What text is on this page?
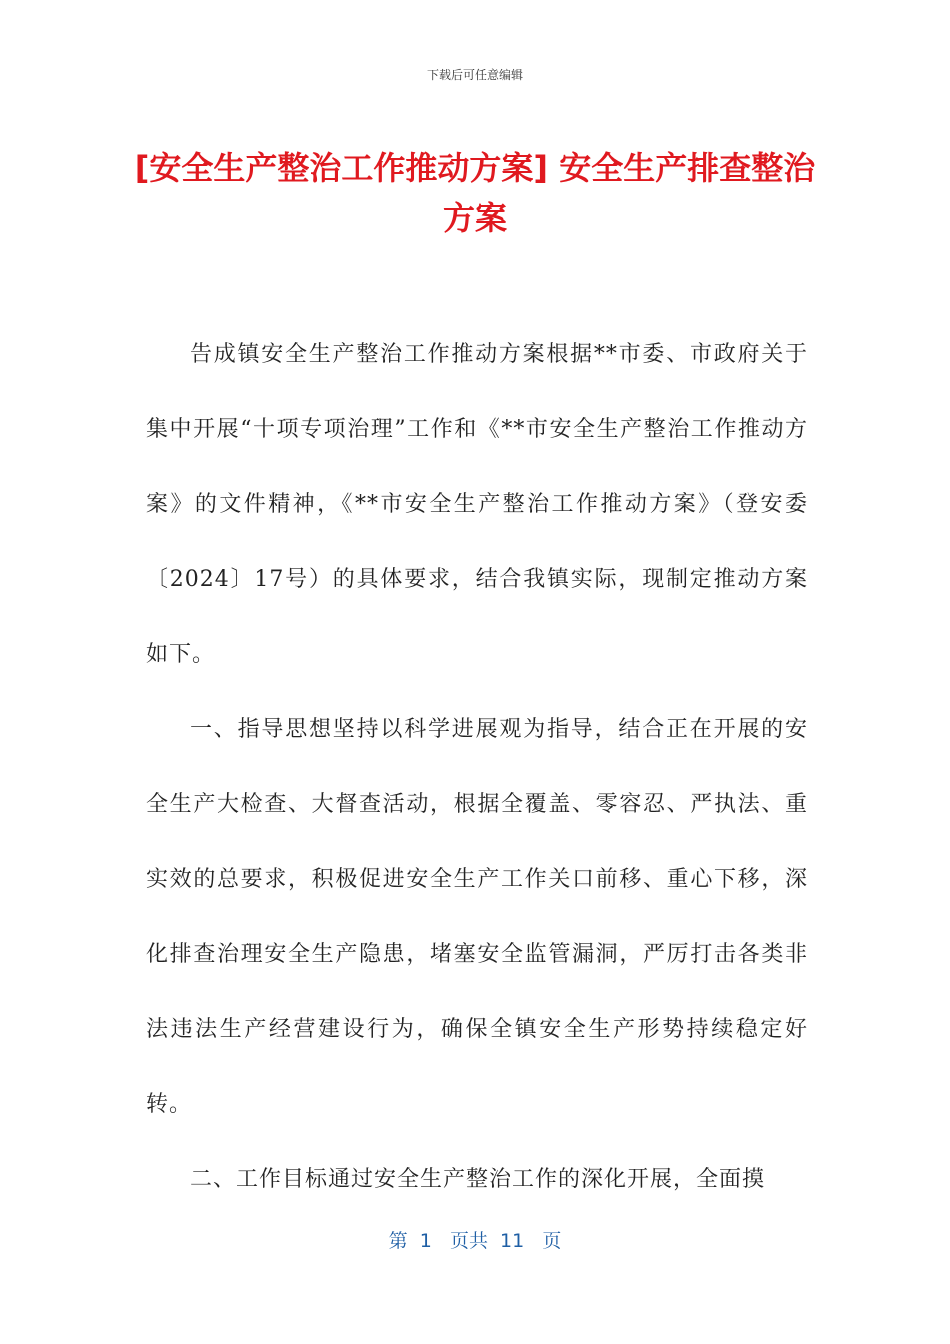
下载后可任意编辑
[安全生产整治工作推动方案] 安全生产排查整治方案

告成镇安全生产整治工作推动方案根据**市委、市政府关于集中开展“十项专项治理”工作和《**市安全生产整治工作推动方案》的文件精神，《**市安全生产整治工作推动方案》（登安委〔2024〕17号）的具体要求，结合我镇实际，现制定推动方案如下。

一、指导思想坚持以科学进展观为指导，结合正在开展的安全生产大检查、大督查活动，根据全覆盖、零容忍、严执法、重实效的总要求，积极促进安全生产工作关口前移、重心下移，深化排查治理安全生产隐患，堵塞安全监管漏洞，严厉打击各类非法违法生产经营建设行为，确保全镇安全生产形势持续稳定好转。

二、工作目标通过安全生产整治工作的深化开展，全面摸

第  1   页共  11   页
